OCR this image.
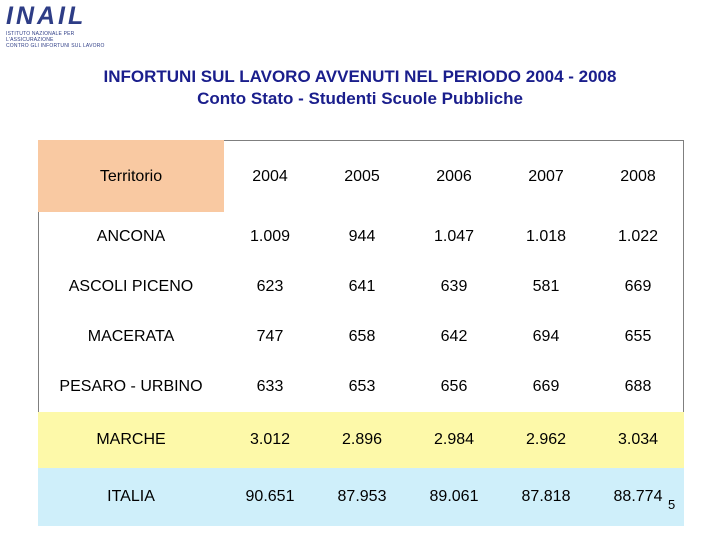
INAIL
ISTITUTO NAZIONALE PER L'ASSICURAZIONE
CONTRO GLI INFORTUNI SUL LAVORO
INFORTUNI SUL LAVORO AVVENUTI NEL PERIODO 2004 - 2008
Conto Stato - Studenti Scuole Pubbliche
Territorio	2004	2005	2006	2007	2008
ANCONA	1.009	944	1.047	1.018	1.022
ASCOLI PICENO	623	641	639	581	669
MACERATA	747	658	642	694	655
PESARO - URBINO	633	653	656	669	688
MARCHE	3.012	2.896	2.984	2.962	3.034
ITALIA	90.651	87.953	89.061	87.818	88.774 5
